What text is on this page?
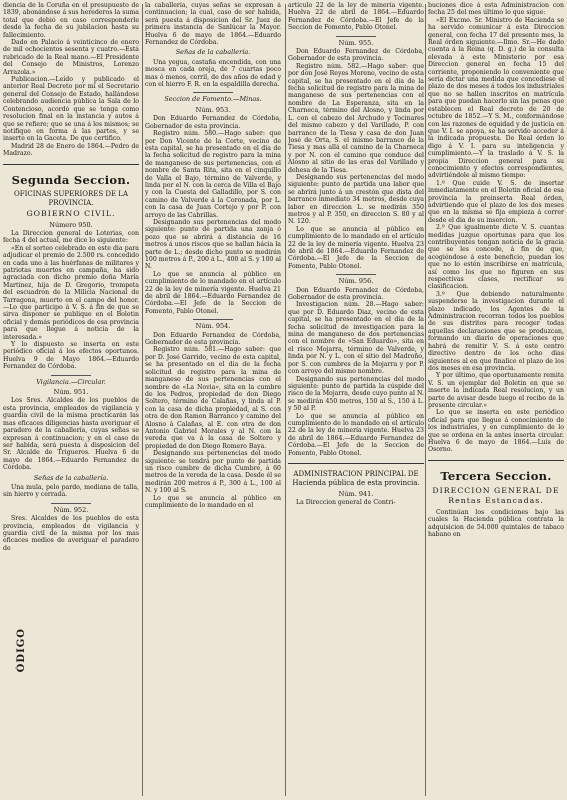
diencia de la Coruña en el presupuesto de 1839, abonándose á sus herederos la suma total que debió en caso corresponderle desde la fecha de su jubilacion hasta su fallecimiento.

Dado en Palacio á veinticinco de enero de mil ochocientos sesenta y cuatro.—Está rubricado de la Real mano.—El Presidente del Consejo de Ministros, Lorenzo Arrazola.»

Publicacion.—Leído y publicado el anterior Real Decreto por mí el Secretario general del Consejo de Estado, hallándose celebrando audiencia pública la Sala de lo Contencioso, acordó que se tenga como resolucion final en la instancia y autos á que se refiere; que se una á los mismos; se notifique en forma á las partes, y se inserte en la Gaceta. De que certifico.

Madrid 28 de Enero de 1864.—Pedro de Madrazo.

Segunda Seccion.
OFICINAS SUPERIORES DE LA PROVINCIA.
GOBIERNO CIVIL.
Número 950.

La Direccion general de Loterias, con fecha 4 del actual, me dice lo siguiente:

«En el sorteo celebrado en este dia para adjudicar el premio de 2.500 rs. concedido en cada uno á las huérfanas de militares y patriotas muertos en campaña, ha sido agraciada con dicho premio doña María Martinez, hija de D. Gregorio, trompeta del escuadron de la Milicia Nacional de Tarragona, muerto en el campo del honor.—Lo que participo á V. S. á fin de que se sirva disponer se publique en el Boletin oficial y demás periódicos de esa provincia para que llegue á noticia de la interesada.»

Y lo dispuesto se inserta en este periódico oficial á los efectos oportunos. Huelva 9 de Mayo 1864.—Eduardo Fernandez de Córdoba.

Vigilancia.—Circular.
Núm. 951.

Los Sres. Alcaldes de los pueblos de esta provincia, empleados de vigilancia y guardia civil de la misma practicarán las mas eficaces diligencias hasta averiguar el paradero de la caballería, cuyas señas se expresan á continuacion; y en el caso de ser habida, será puesta á disposicion del Sr. Alcalde de Trigueros. Huelva 6 de mayo de 1864.—Eduardo Fernandez de Córdoba.

Señas de la caballería.

Una mula, pelo pardo, mediana de talla, sin hierro y cerrada.

Núm. 952.

Sres. Alcaldes de los pueblos de esta provincia, empleados de vigilancia y guardia civil de la misma por los mas eficaces medios de averiguar el paradero de

la caballería, cuyas señas se expresan á continuacion; la cual, caso de ser habida, será puesta á disposicion del Sr. Juez de primera instancia de Sanlúcar la Mayor. Huelva 6 de mayo de 1864.—Eduardo Fernandez de Córdoba.

Señas de la caballería.

Una yegua, castaña encendida, con una mosca en cada oreja, de 7 cuartas poco mas ó menos, cerril, de dos años de edad y con el hierro F. R. en la espaldilla derecha.

Seccion de Fomento.—Minas.
Núm. 953.

Don Eduardo Fernandez de Córdoba, Gobernador de esta provincia.

Registro núm. 580.—Hago saber: que por Don Vicente de la Corte, vecino de esta capital, se ha presentado en el dia de la fecha solicitud de registro para la mina de manganeso de sus pertenencias, con el nombre de Santa Rita, sita en el cinquillo de Valla el Bajo, término de Valverde, y linda por el N. con la cerca de Villa el Bajo y con la Cuesta del Galladillo, por S. con camino de Valverde á la Coronada, por L. con la casa de Juan Cortejo y por P. con arroyo de las Cabrillas.

Designando sus pertenencias del modo siguiente: punto de partida una zanja ó pozo que se abrirá á distancia de 16 metros á unos riscos que se hallan hácia la parte de L.; desde dicho punto se medirán 100 metros á P., 200 á L., 400 al S. y 100 al N.

Lo que se anuncia al público en cumplimiento de lo mandado en el artículo 22 de la ley de minería vigente. Huelva 21 de abril de 1864.—Eduardo Fernandez de Córdoba.—El Jefe de la Seccion de Fomento, Pablo Otonel.

Núm. 954.

Don Eduardo Fernandez de Córdoba, Gobernador de esta provincia.

Registro núm. 581.—Hago saber: que por D. José Garrido, vecino de esta capital, se ha presentado en el dia de la fecha solicitud de registro para la mina de manganeso de sus pertenencias con el nombre de «La Novia», sita en la cumbre de los Pedros, propiedad de don Diego Soltero, término de Calañas, y linda al P. con la casa de dicha propiedad, al S. con otra de don Ramon Barranco y camino del Alosno á Calañas, al E. con otra de don Antonio Gabriel Morales y al N. con la vereda que va á la casa de Soltero y propiedad de don Diego Romero Baya.

Designando sus pertenencias del modo siguiente: se tendrá por punto de partida un risco cumbre de dicha Cumbre, á 60 metros de la vereda de la casa. Desde él se medirán 200 metros á P., 300 á L., 100 al N. y 100 al S.

Lo que se anuncia al público en cumplimiento de lo mandado en el

artículo 22 de la ley de minería vigente. Huelva 22 de abril de 1864.—Eduardo Fernandez de Córdoba.—El Jefe de la Seccion de Fomento, Pablo Otonel.

Núm. 955.

Don Eduardo Fernandez de Córdoba, Gobernador de esta provincia.

Registro núm. 582.—Hago saber: que por don José Reyes Moreno, vecino de esta capital, se ha presentado en el dia de la fecha solicitud de registro para la mina de manganeso de sus pertenencias con el nombre de La Esperanza, sita en la Charneca, término del Alosno, y linda por L. con el cabezo del Archudo y Tocinares del mismo cabezo y del Varillado, P. con barranco de la Tiesa y casa de don Juan José de Orta, S. el mismo barranco de la Tiesa y mas allá el camino de la Charneca y por N. con el camino que conduce del Alosno al sitio de las eras del Varillado y dehesa de la Tiesa.

Designando sus pertenencias del modo siguiente: punto de partida una labor que se abrirá junto á un crestón que dista del barranco inmediato 34 metros, desde cuya labor en direccion L. se medirán 350 metros y al P. 350, en direccion S. 80 y al N. 120.

Lo que se anuncia al público en cumplimiento de lo mandado en el artículo 22 de la ley de minería vigente. Huelva 23 de abril de 1864.—Eduardo Fernandez de Córdoba.—El Jefe de la Seccion de Fomento, Pablo Otonel.

Núm. 956.

Don Eduardo Fernandez de Córdoba, Gobernador de esta provincia.

Investigacion núm. 28.—Hago saber: que por D. Eduardo Diaz, vecino de esta capital, se ha presentado en el dia de la fecha solicitud de investigacion para la mina de manganeso de dos pertenencias con el nombre de «San Eduardo», sita en el risco Mojarra, término de Valverde, y linda por N. y L. con el sitio del Madroño, por S. con cumbres de la Mojarra y por P. con arroyo del mismo nombre.

Designando sus pertenencias del modo siguiente: punto de partida la cúspide del risco de la Mojarra, desde cuyo punto al N. se medirán 450 metros, 150 al S., 150 á L. y 50 al P.

Lo que se anuncia al público en cumplimiento de lo mandado en el artículo 22 de la ley de minería vigente. Huelva 23 de abril de 1864.—Eduardo Fernandez de Córdoba.—El Jefe de la Seccion de Fomento, Pablo Otonel.

ADMINISTRACION PRINCIPAL DE Hacienda pública de esta provincia.
Núm. 941.

La Direccion general de Contri-

buciones dice á esta Administracion con fecha 25 del mes último lo que sigue:

«El Excmo. Sr. Ministro de Hacienda se ha servido comunicar á esta Direccion general, con fecha 17 del presente mes, la Real órden siguiente.—Ilmo. Sr.—He dado cuenta á la Reina (q. D. g.) de la consulta elevada á este Ministerio por esa Direccion general en fecha 15 del corriente, proponiendo lo conveniente que sería dictar una medida que concediese el plazo de dos meses á todos los industriales que no se hallen inscritos en matrícula para que puedan hacerlo sin las penas que establecen el Real decreto de 20 de octubre de 1852.—Y S. M., conformándose con las razones de equidad y de justicia en que V. I. se apoya, se ha servido acceder á la indicada propuesta. De Real órden lo digo á V. I. para su inteligencia y cumplimiento.—Y la traslado á V. S. la propia Direccion general para su conocimiento y efectos correspondientes, advirtiéndole al mismo tiempo:

1.º Que cuide V. S. de insertar inmediatamente en el Boletin oficial de esa provincia la preinserta Real órden, advirtiendo que el plazo de los dos meses que en la misma se fija empieza á correr desde el dia de su insercion.

2.º Que igualmente dicte V. S. cuantas medidas juzgue oportunas para que los contribuyentes tengan noticia de la gracia que se les concede, á fin de que, acogiéndose á este beneficio, puedan los que no lo estén inscribirse en matrícula, así como los que no figuren en sus respectivas clases, rectificar su clasificacion.

3.º Que debiendo naturalmente suspenderse la investigacion durante el plazo indicado, los Agentes de la Administracion recorran todos los pueblos de sus distritos para recoger todas aquellas declaraciones que se produzcan, formando un diario de operaciones que habrá de remitir V. S. á este centro directivo dentro de los ocho dias siguientes al en que finalice el plazo de los dos meses en esa provincia.

Y por último, que oportunamente remita V. S. un ejemplar del Boletin en que se inserte la indicada Real resolucion, y un parte de avisar desde luego el recibo de la presente circular.»

Lo que se inserta en este periódico oficial para que llegue á conocimiento de los industriales, y en cumplimiento de lo que se ordena en la antes inserta circular. Huelva 6 de mayo de 1864.—Luis de Osorno.

Tercera Seccion.
DIRECCION GENERAL DE Rentas Estancadas.

Continúan los condiciones bajo las cuales la Hacienda pública contrata la adquisicion de 54.000 quintales de tabaco habano en

ÓDIGO
